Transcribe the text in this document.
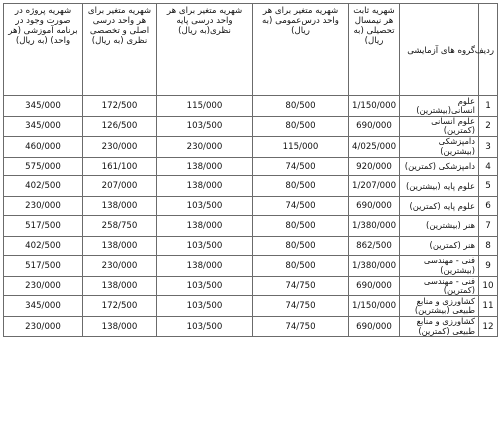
ردیف	گروه های آزمایشی	شهریه ثابت هر نیمسال تحصیلی (به ریال)	شهریه متغیر برای هر واحد درس‌عمومی (به ریال)	شهریه متغیر برای هر واحد درسی پایه نظری(به ریال)	شهریه متغیر برای هر واحد درسی اصلی و تخصصی نظری (به ریال)	شهریه پروژه در صورت وجود در برنامه آموزشی (هر واحد) (به ریال)
1	علوم انسانی(بیشترین)	1/150/000	80/500	115/000	172/500	345/000
2	علوم انسانی (کمترین)	690/000	80/500	103/500	126/500	345/000
3	دامپزشکی (بیشترین)	4/025/000	115/000	230/000	230/000	460/000
4	دامپزشکی (کمترین)	920/000	74/500	138/000	161/100	575/000
5	علوم پایه (بیشترین)	1/207/000	80/500	138/000	207/000	402/500
6	علوم پایه (کمترین)	690/000	74/500	103/500	138/000	230/000
7	هنر (بیشترین)	1/380/000	80/500	138/000	258/750	517/500
8	هنر (کمترین)	862/500	80/500	103/500	138/000	402/500
9	فنی - مهندسی (بیشترین)	1/380/000	80/500	138/000	230/000	517/500
10	فنی - مهندسی (کمترین)	690/000	74/750	103/500	138/000	230/000
11	کشاورزی و منابع طبیعی (بیشترین)	1/150/000	74/750	103/500	172/500	345/000
12	کشاورزی و منابع طبیعی (کمترین)	690/000	74/750	103/500	138/000	230/000
